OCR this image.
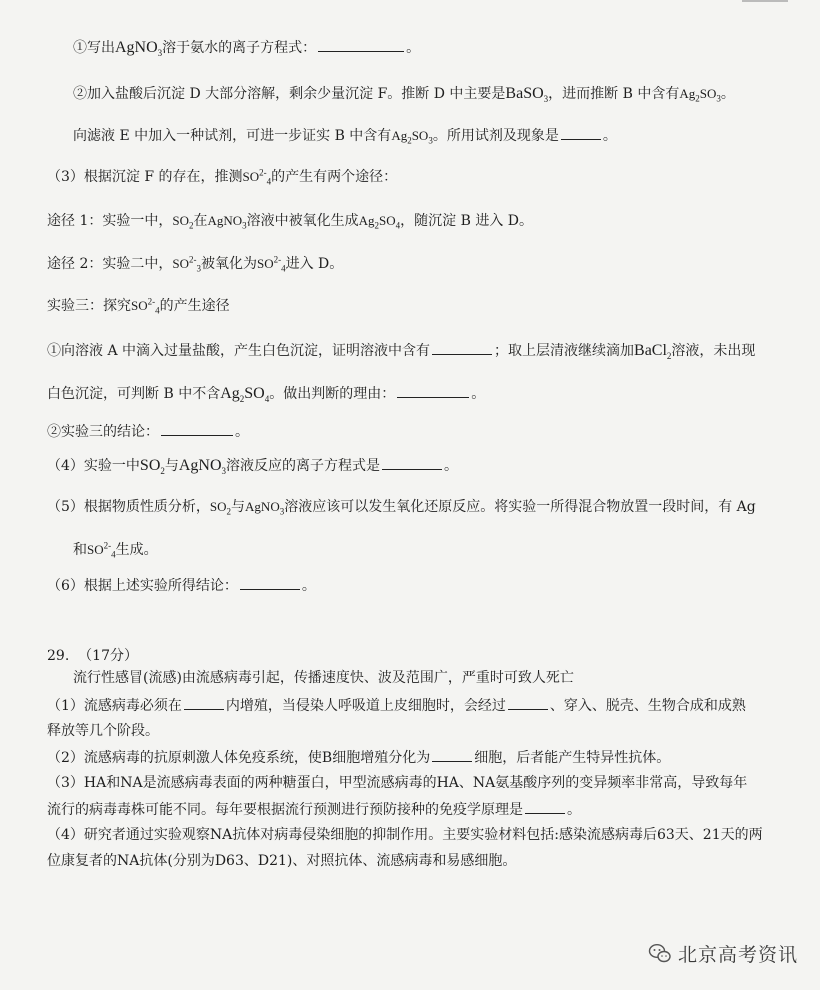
①写出AgNO$_3$溶于氨水的离子方程式：	。
②加入盐酸后沉淀 D 大部分溶解，剩余少量沉淀 F。推断 D 中主要是BaSO$_3$，进而推断 B 中含有$Ag_2SO_3$。
向滤液 E 中加入一种试剂，可进一步证实 B 中含有$Ag_2SO_3$。所用试剂及现象是	。
（3）根据沉淀 F 的存在，推测$SO^{2-}_4$的产生有两个途径：
途径 1：实验一中，$SO_2$在AgNO$_3$溶液中被氧化生成$Ag_2SO_4$，随沉淀 B 进入 D。
途径 2：实验二中，$SO^{2-}_3$被氧化为$SO^{2-}_4$进入 D。
实验三：探究$SO^{2-}_4$的产生途径
①向溶液 A 中滴入过量盐酸，产生白色沉淀，证明溶液中含有	；取上层清液继续滴加BaCl$_2$溶液，未出现
白色沉淀，可判断 B 中不含$Ag_2SO_4$。做出判断的理由：	。
②实验三的结论：	。
（4）实验一中$SO_2$与AgNO$_3$溶液反应的离子方程式是	。
（5）根据物质性质分析，$SO_2$与AgNO$_3$溶液应该可以发生氧化还原反应。将实验一所得混合物放置一段时间，有 Ag
和$SO^{2-}_4$生成。
（6）根据上述实验所得结论：	。
29. （17分）
流行性感冒(流感)由流感病毒引起，传播速度快、波及范围广，严重时可致人死亡
（1）流感病毒必须在	内增殖，当侵染人呼吸道上皮细胞时，会经过	、穿入、脱壳、生物合成和成熟
释放等几个阶段。
（2）流感病毒的抗原刺激人体免疫系统，使B细胞增殖分化为	细胞，后者能产生特异性抗体。
（3）HA和NA是流感病毒表面的两种糖蛋白，甲型流感病毒的HA、NA氨基酸序列的变异频率非常高，导致每年
流行的病毒毒株可能不同。每年要根据流行预测进行预防接种的免疫学原理是	。
（4）研究者通过实验观察NA抗体对病毒侵染细胞的抑制作用。主要实验材料包括:感染流感病毒后63天、21天的两
位康复者的NA抗体(分别为D63、D21)、对照抗体、流感病毒和易感细胞。
北京高考资讯
